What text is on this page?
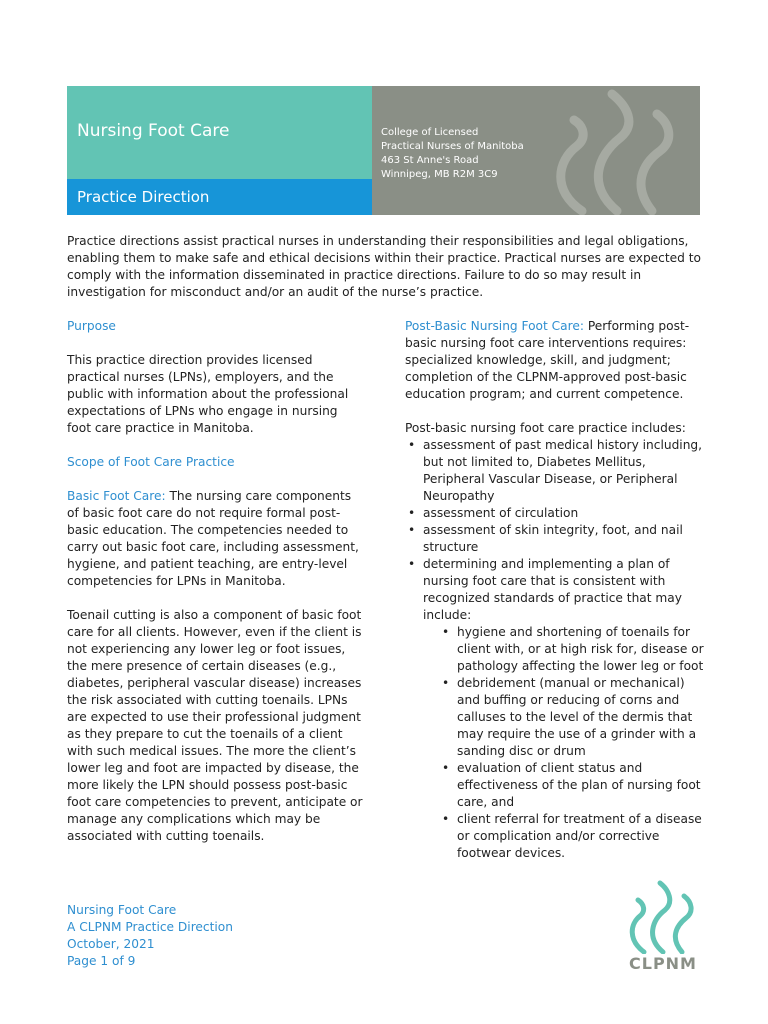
Nursing Foot Care
Practice Direction
College of Licensed
Practical Nurses of Manitoba
463 St Anne's Road
Winnipeg, MB R2M 3C9

Practice directions assist practical nurses in understanding their responsibilities and legal obligations, enabling them to make safe and ethical decisions within their practice. Practical nurses are expected to comply with the information disseminated in practice directions. Failure to do so may result in investigation for misconduct and/or an audit of the nurse’s practice.

Purpose
This practice direction provides licensed practical nurses (LPNs), employers, and the public with information about the professional expectations of LPNs who engage in nursing foot care practice in Manitoba.
Scope of Foot Care Practice
Basic Foot Care: The nursing care components of basic foot care do not require formal post-basic education. The competencies needed to carry out basic foot care, including assessment, hygiene, and patient teaching, are entry-level competencies for LPNs in Manitoba.
Toenail cutting is also a component of basic foot care for all clients. However, even if the client is not experiencing any lower leg or foot issues, the mere presence of certain diseases (e.g., diabetes, peripheral vascular disease) increases the risk associated with cutting toenails. LPNs are expected to use their professional judgment as they prepare to cut the toenails of a client with such medical issues. The more the client’s lower leg and foot are impacted by disease, the more likely the LPN should possess post-basic foot care competencies to prevent, anticipate or manage any complications which may be associated with cutting toenails.
Post-Basic Nursing Foot Care: Performing post-basic nursing foot care interventions requires: specialized knowledge, skill, and judgment; completion of the CLPNM-approved post-basic education program; and current competence.
Post-basic nursing foot care practice includes:
• assessment of past medical history including, but not limited to, Diabetes Mellitus, Peripheral Vascular Disease, or Peripheral Neuropathy
• assessment of circulation
• assessment of skin integrity, foot, and nail structure
• determining and implementing a plan of nursing foot care that is consistent with recognized standards of practice that may include:
• hygiene and shortening of toenails for client with, or at high risk for, disease or pathology affecting the lower leg or foot
• debridement (manual or mechanical) and buffing or reducing of corns and calluses to the level of the dermis that may require the use of a grinder with a sanding disc or drum
• evaluation of client status and effectiveness of the plan of nursing foot care, and
• client referral for treatment of a disease or complication and/or corrective footwear devices.
Nursing Foot Care
A CLPNM Practice Direction
October, 2021
Page 1 of 9	CLPNM
